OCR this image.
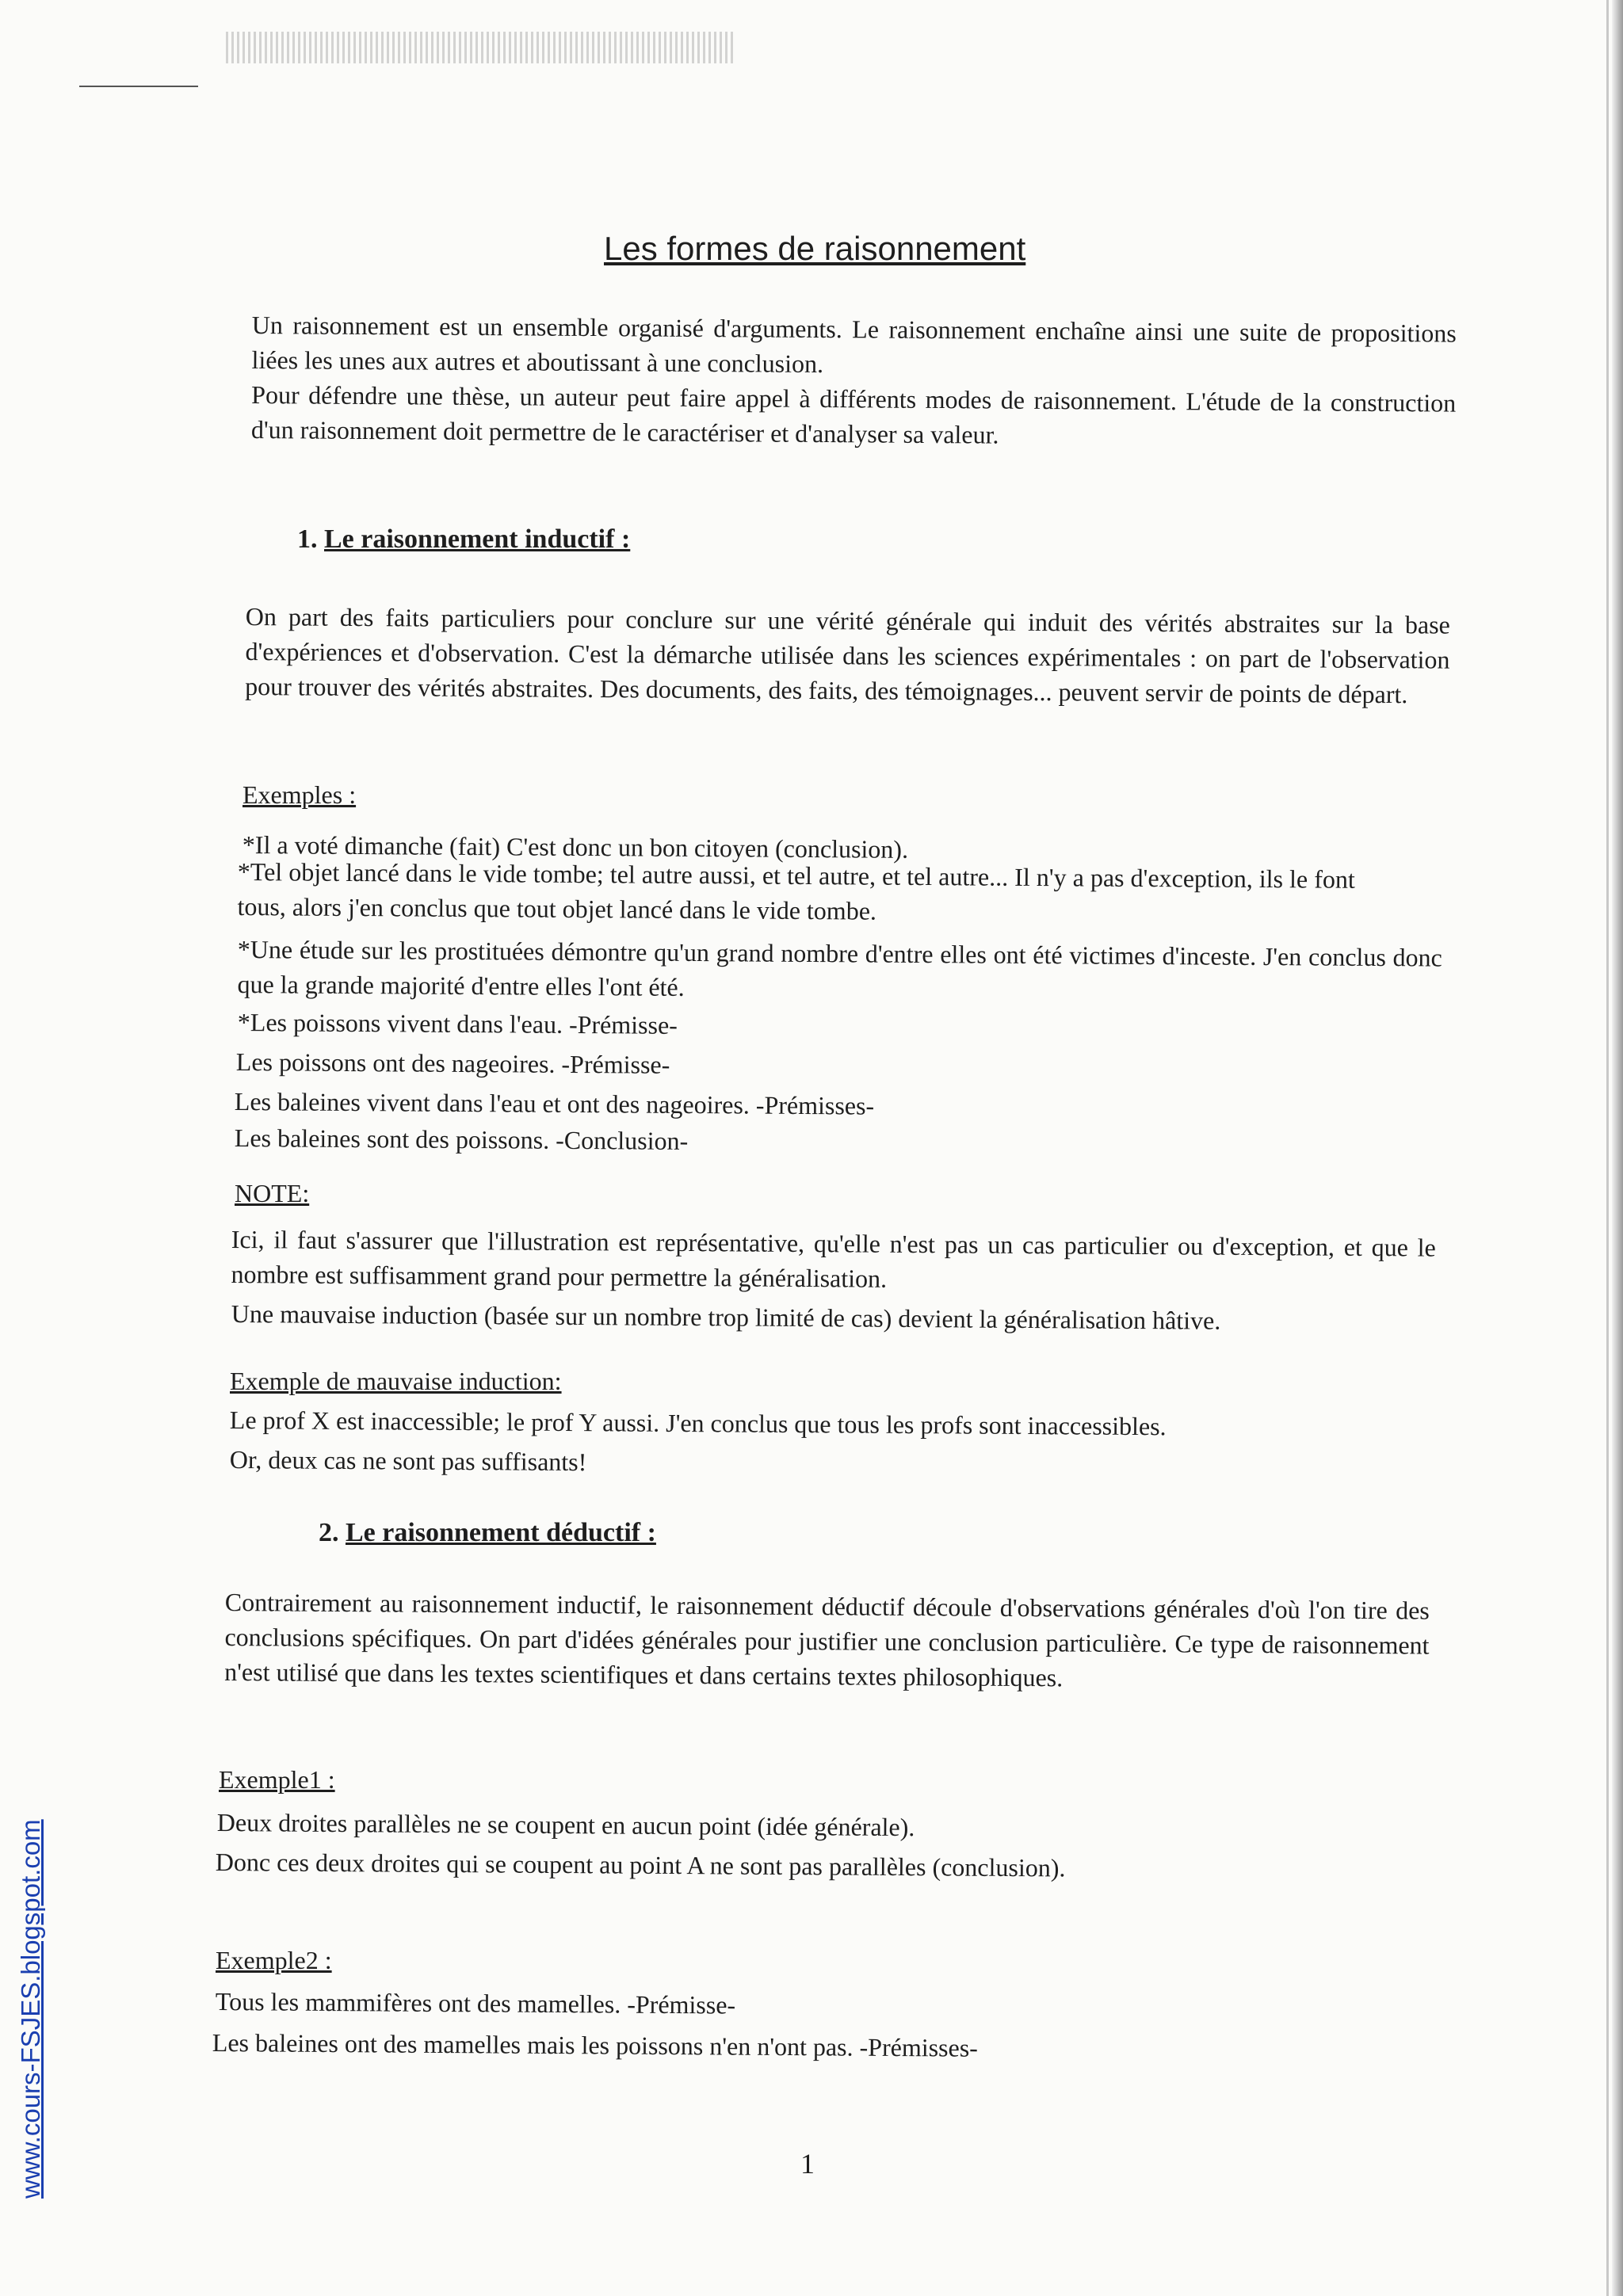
www.cours-FSJES.blogspot.com
Les formes de raisonnement

Un raisonnement est un ensemble organisé d'arguments. Le raisonnement enchaîne ainsi une suite de propositions liées les unes aux autres et aboutissant à une conclusion.

Pour défendre une thèse, un auteur peut faire appel à différents modes de raisonnement. L'étude de la construction d'un raisonnement doit permettre de le caractériser et d'analyser sa valeur.

1. Le raisonnement inductif :
On part des faits particuliers pour conclure sur une vérité générale qui induit des vérités abstraites sur la base d'expériences et d'observation. C'est la démarche utilisée dans les sciences expérimentales : on part de l'observation pour trouver des vérités abstraites. Des documents, des faits, des témoignages... peuvent servir de points de départ.
Exemples :
*Il a voté dimanche (fait) C'est donc un bon citoyen (conclusion).
*Tel objet lancé dans le vide tombe; tel autre aussi, et tel autre, et tel autre... Il n'y a pas d'exception, ils le font tous, alors j'en conclus que tout objet lancé dans le vide tombe.
*Une étude sur les prostituées démontre qu'un grand nombre d'entre elles ont été victimes d'inceste. J'en conclus donc que la grande majorité d'entre elles l'ont été.
*Les poissons vivent dans l'eau. -Prémisse-
Les poissons ont des nageoires. -Prémisse-
Les baleines vivent dans l'eau et ont des nageoires. -Prémisses-
Les baleines sont des poissons. -Conclusion-
NOTE:
Ici, il faut s'assurer que l'illustration est représentative, qu'elle n'est pas un cas particulier ou d'exception, et que le nombre est suffisamment grand pour permettre la généralisation.
Une mauvaise induction (basée sur un nombre trop limité de cas) devient la généralisation hâtive.
Exemple de mauvaise induction:
Le prof X est inaccessible; le prof Y aussi. J'en conclus que tous les profs sont inaccessibles.
Or, deux cas ne sont pas suffisants!
2. Le raisonnement déductif :
Contrairement au raisonnement inductif, le raisonnement déductif découle d'observations générales d'où l'on tire des conclusions spécifiques. On part d'idées générales pour justifier une conclusion particulière. Ce type de raisonnement n'est utilisé que dans les textes scientifiques et dans certains textes philosophiques.
Exemple1 :
Deux droites parallèles ne se coupent en aucun point (idée générale).
Donc ces deux droites qui se coupent au point A ne sont pas parallèles (conclusion).
Exemple2 :
Tous les mammifères ont des mamelles. -Prémisse-
Les baleines ont des mamelles mais les poissons n'en n'ont pas. -Prémisses-
1
